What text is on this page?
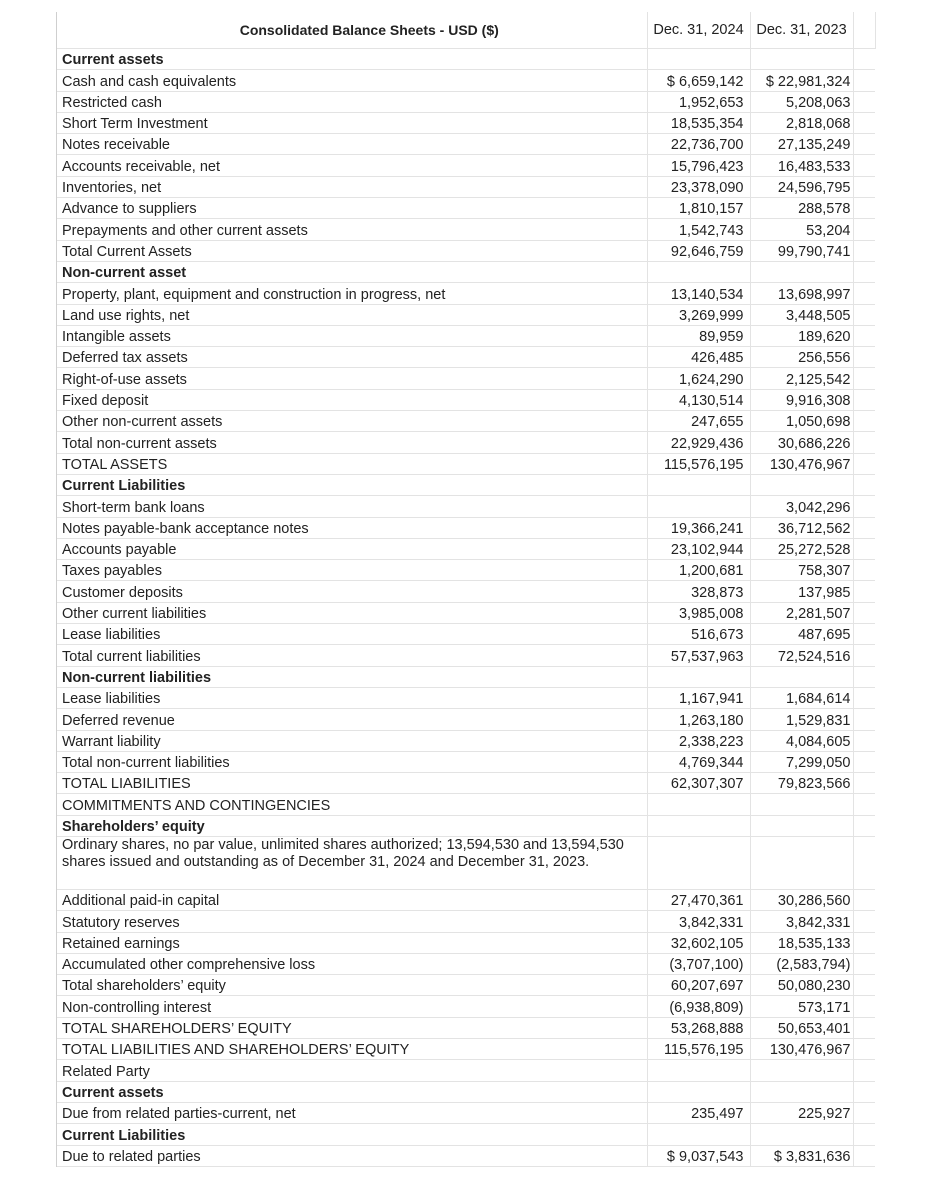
Consolidated Balance Sheets - USD ($)	Dec. 31, 2024	Dec. 31, 2023	
Current assets			
Cash and cash equivalents	$ 6,659,142	$ 22,981,324	
Restricted cash	1,952,653	5,208,063	
Short Term Investment	18,535,354	2,818,068	
Notes receivable	22,736,700	27,135,249	
Accounts receivable, net	15,796,423	16,483,533	
Inventories, net	23,378,090	24,596,795	
Advance to suppliers	1,810,157	288,578	
Prepayments and other current assets	1,542,743	53,204	
Total Current Assets	92,646,759	99,790,741	
Non-current asset			
Property, plant, equipment and construction in progress, net	13,140,534	13,698,997	
Land use rights, net	3,269,999	3,448,505	
Intangible assets	89,959	189,620	
Deferred tax assets	426,485	256,556	
Right-of-use assets	1,624,290	2,125,542	
Fixed deposit	4,130,514	9,916,308	
Other non-current assets	247,655	1,050,698	
Total non-current assets	22,929,436	30,686,226	
TOTAL ASSETS	115,576,195	130,476,967	
Current Liabilities			
Short-term bank loans		3,042,296	
Notes payable-bank acceptance notes	19,366,241	36,712,562	
Accounts payable	23,102,944	25,272,528	
Taxes payables	1,200,681	758,307	
Customer deposits	328,873	137,985	
Other current liabilities	3,985,008	2,281,507	
Lease liabilities	516,673	487,695	
Total current liabilities	57,537,963	72,524,516	
Non-current liabilities			
Lease liabilities	1,167,941	1,684,614	
Deferred revenue	1,263,180	1,529,831	
Warrant liability	2,338,223	4,084,605	
Total non-current liabilities	4,769,344	7,299,050	
TOTAL LIABILITIES	62,307,307	79,823,566	
COMMITMENTS AND CONTINGENCIES			
Shareholders’ equity			
Ordinary shares, no par value, unlimited shares authorized; 13,594,530 and 13,594,530 shares issued and outstanding as of December 31, 2024 and December 31, 2023.			
Additional paid-in capital	27,470,361	30,286,560	
Statutory reserves	3,842,331	3,842,331	
Retained earnings	32,602,105	18,535,133	
Accumulated other comprehensive loss	(3,707,100)	(2,583,794)	
Total shareholders’ equity	60,207,697	50,080,230	
Non-controlling interest	(6,938,809)	573,171	
TOTAL SHAREHOLDERS’ EQUITY	53,268,888	50,653,401	
TOTAL LIABILITIES AND SHAREHOLDERS’ EQUITY	115,576,195	130,476,967	
Related Party			
Current assets			
Due from related parties-current, net	235,497	225,927	
Current Liabilities			
Due to related parties	$ 9,037,543	$ 3,831,636	
